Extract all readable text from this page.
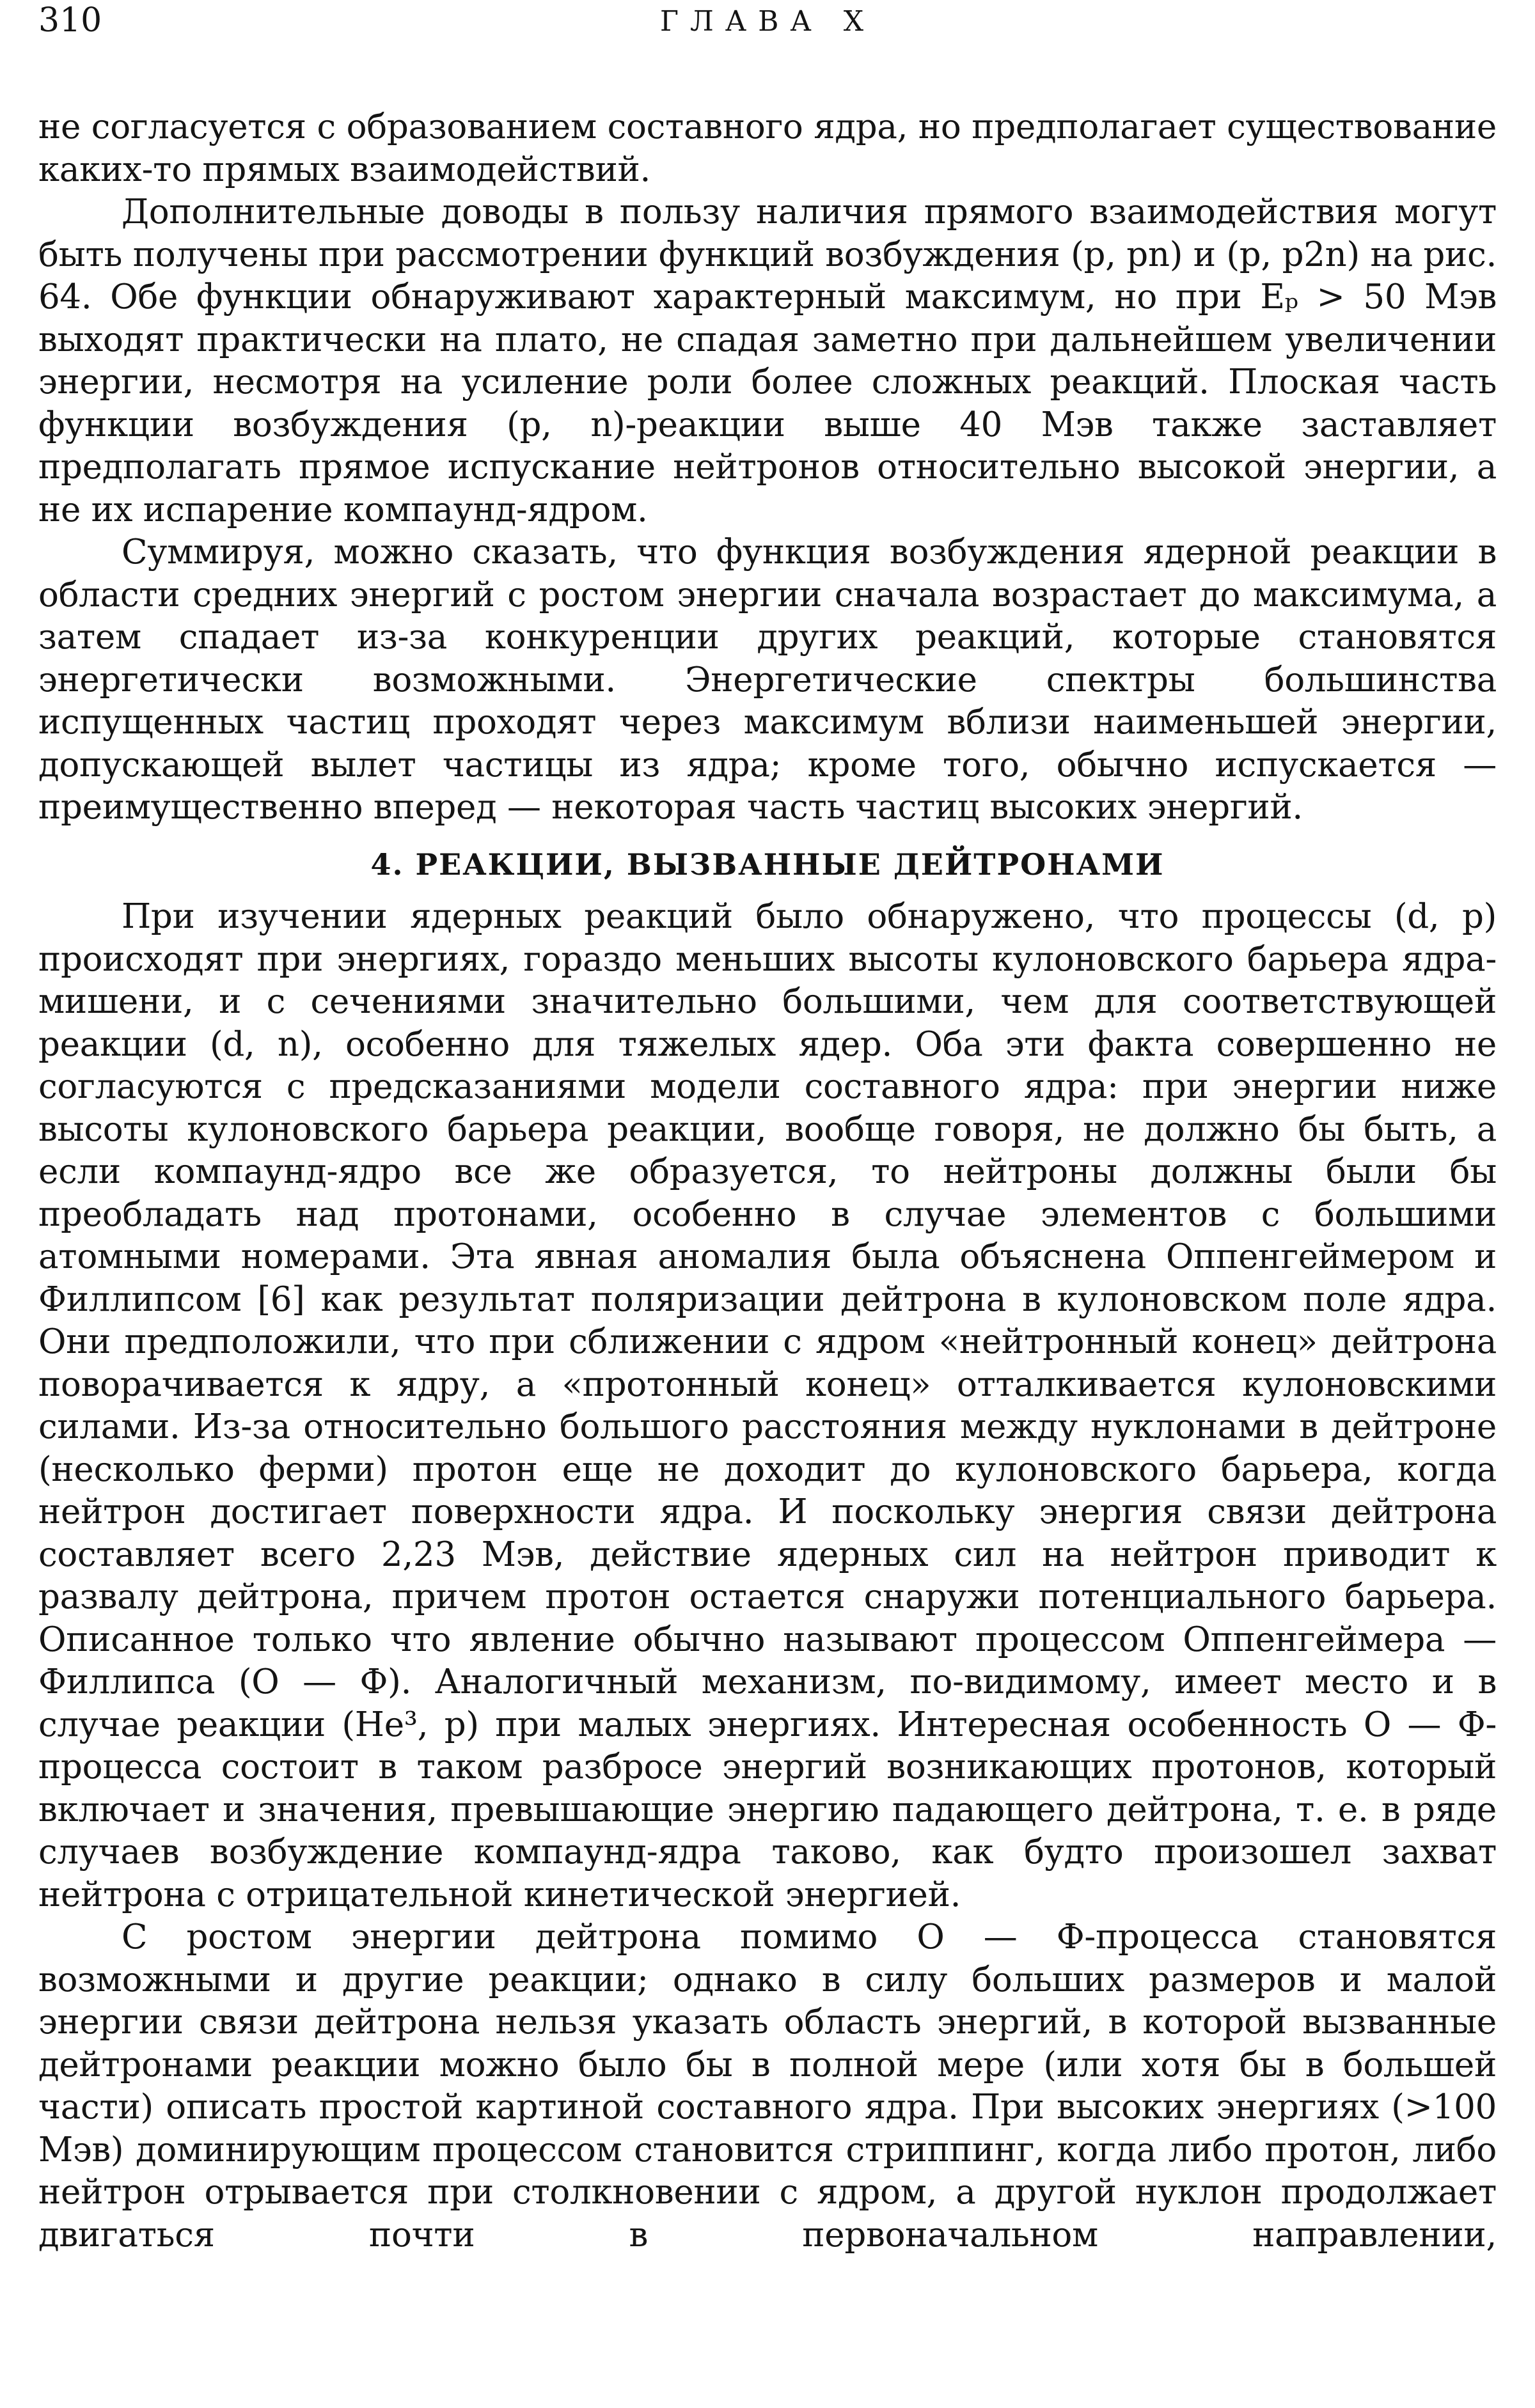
310	ГЛАВА X

не согласуется с образованием составного ядра, но предполагает существование каких-то прямых взаимодействий.

Дополнительные доводы в пользу наличия прямого взаимодействия могут быть получены при рассмотрении функций возбуждения (p, pn) и (p, p2n) на рис. 64. Обе функции обнаруживают характерный максимум, но при Eₚ > 50 Мэв выходят практически на плато, не спадая заметно при дальнейшем увеличении энергии, несмотря на усиление роли более сложных реакций. Плоская часть функции возбуждения (p, n)-реакции выше 40 Мэв также заставляет предполагать прямое испускание нейтронов относительно высокой энергии, а не их испарение компаунд-ядром.

Суммируя, можно сказать, что функция возбуждения ядерной реакции в области средних энергий с ростом энергии сначала возрастает до максимума, а затем спадает из-за конкуренции других реакций, которые становятся энергетически возможными. Энергетические спектры большинства испущенных частиц проходят через максимум вблизи наименьшей энергии, допускающей вылет частицы из ядра; кроме того, обычно испускается — преимущественно вперед — некоторая часть частиц высоких энергий.

4. РЕАКЦИИ, ВЫЗВАННЫЕ ДЕЙТРОНАМИ

При изучении ядерных реакций было обнаружено, что процессы (d, p) происходят при энергиях, гораздо меньших высоты кулоновского барьера ядра-мишени, и с сечениями значительно большими, чем для соответствующей реакции (d, n), особенно для тяжелых ядер. Оба эти факта совершенно не согласуются с предсказаниями модели составного ядра: при энергии ниже высоты кулоновского барьера реакции, вообще говоря, не должно бы быть, а если компаунд-ядро все же образуется, то нейтроны должны были бы преобладать над протонами, особенно в случае элементов с большими атомными номерами. Эта явная аномалия была объяснена Оппенгеймером и Филлипсом [6] как результат поляризации дейтрона в кулоновском поле ядра. Они предположили, что при сближении с ядром «нейтронный конец» дейтрона поворачивается к ядру, а «протонный конец» отталкивается кулоновскими силами. Из-за относительно большого расстояния между нуклонами в дейтроне (несколько ферми) протон еще не доходит до кулоновского барьера, когда нейтрон достигает поверхности ядра. И поскольку энергия связи дейтрона составляет всего 2,23 Мэв, действие ядерных сил на нейтрон приводит к развалу дейтрона, причем протон остается снаружи потенциального барьера. Описанное только что явление обычно называют процессом Оппенгеймера — Филлипса (О — Ф). Аналогичный механизм, по-видимому, имеет место и в случае реакции (He³, p) при малых энергиях. Интересная особенность О — Ф-процесса состоит в таком разбросе энергий возникающих протонов, который включает и значения, превышающие энергию падающего дейтрона, т. е. в ряде случаев возбуждение компаунд-ядра таково, как будто произошел захват нейтрона с отрицательной кинетической энергией.

С ростом энергии дейтрона помимо О — Ф-процесса становятся возможными и другие реакции; однако в силу больших размеров и малой энергии связи дейтрона нельзя указать область энергий, в которой вызванные дейтронами реакции можно было бы в полной мере (или хотя бы в большей части) описать простой картиной составного ядра. При высоких энергиях (>100 Мэв) доминирующим процессом становится стриппинг, когда либо протон, либо нейтрон отрывается при столкновении с ядром, а другой нуклон продолжает двигаться почти в первоначальном направлении,
